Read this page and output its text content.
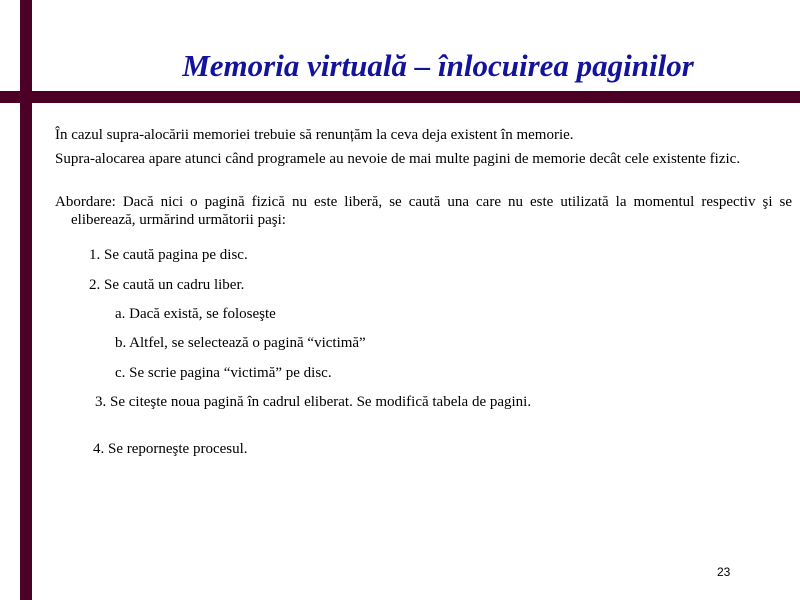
Memoria virtuală – înlocuirea paginilor
În cazul supra-alocării memoriei trebuie să renunțăm la ceva deja existent în memorie.
Supra-alocarea apare atunci când programele au nevoie de mai multe pagini de memorie decât cele existente fizic.
Abordare: Dacă nici o pagină fizică nu este liberă, se caută una care nu este utilizată la momentul respectiv şi se eliberează, urmărind următorii paşi:
1. Se caută pagina pe disc.
2. Se caută un cadru liber.
a. Dacă există, se foloseşte
b. Altfel, se selectează o pagină “victimă”
c. Se scrie pagina “victimă” pe disc.
3. Se citeşte noua pagină în cadrul eliberat. Se modifică tabela de pagini.
4. Se reporneşte procesul.
23
